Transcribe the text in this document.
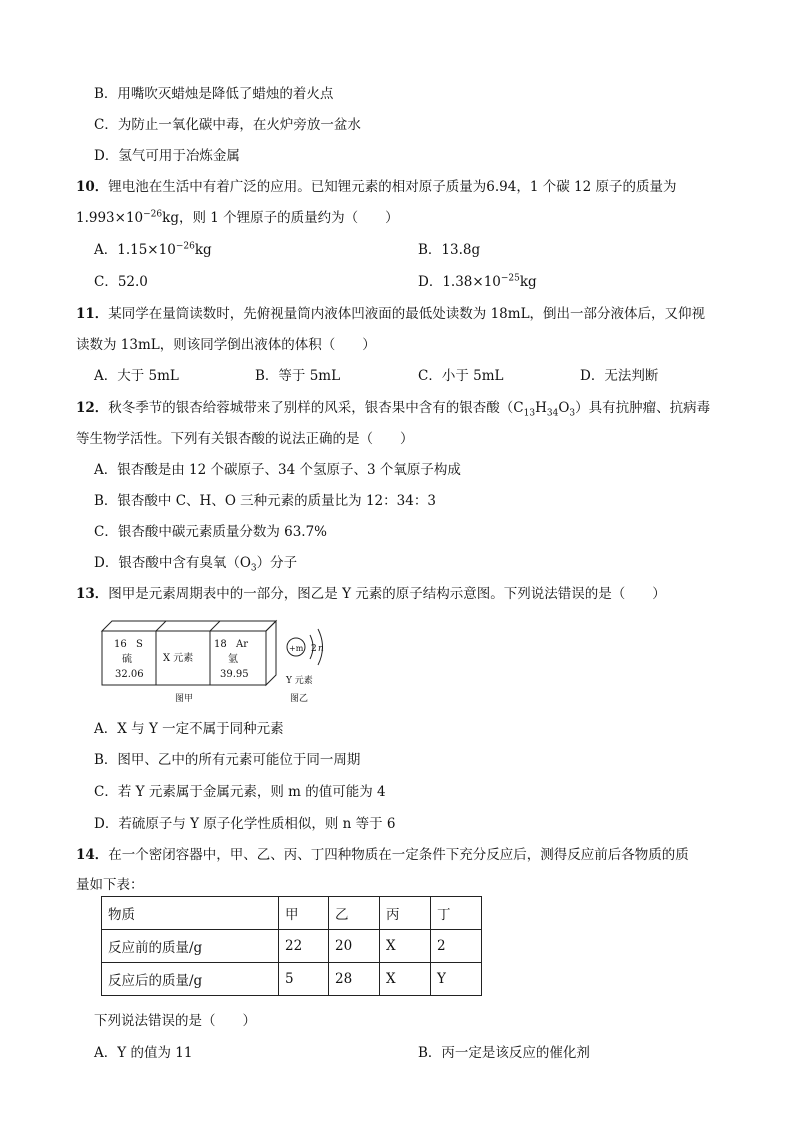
B．用嘴吹灭蜡烛是降低了蜡烛的着火点
C．为防止一氧化碳中毒，在火炉旁放一盆水
D．氢气可用于冶炼金属
10．锂电池在生活中有着广泛的应用。已知锂元素的相对原子质量为6.94，1 个碳 12 原子的质量为
$1.993\times 10^{-26}kg$，则 1 个锂原子的质量约为（　　）
A．$1.15\times 10^{-26}kg$	B．13.8g
C．52.0	D．$1.38\times 10^{-25}kg$
11．某同学在量筒读数时，先俯视量筒内液体凹液面的最低处读数为 18mL，倒出一部分液体后，又仰视
读数为 13mL，则该同学倒出液体的体积（　　）
A．大于 5mL	B．等于 5mL	C．小于 5mL	D．无法判断
12．秋冬季节的银杏给蓉城带来了别样的风采，银杏果中含有的银杏酸$(C_{13}H_{34}O_3)$具有抗肿瘤、抗病毒
等生物学活性。下列有关银杏酸的说法正确的是（　　）
A．银杏酸是由 12 个碳原子、34 个氢原子、3 个氧原子构成
B．银杏酸中 C、H、O 三种元素的质量比为 12：34：3
C．银杏酸中碳元素质量分数为 63.7%
D．银杏酸中含有臭氧$(O_3)$分子
13．图甲是元素周期表中的一部分，图乙是 Y 元素的原子结构示意图。下列说法错误的是（　　）
16 S
硫
32.06
X 元素
18 Ar
氩
39.95
图甲
+m 2 n
Y 元素
图乙
A．X 与 Y 一定不属于同种元素
B．图甲、乙中的所有元素可能位于同一周期
C．若 Y 元素属于金属元素，则 m 的值可能为 4
D．若硫原子与 Y 原子化学性质相似，则 n 等于 6
14．在一个密闭容器中，甲、乙、丙、丁四种物质在一定条件下充分反应后，测得反应前后各物质的质
量如下表：
物质	甲	乙	丙	丁
反应前的质量/g	22	20	X	2
反应后的质量/g	5	28	X	Y
下列说法错误的是（　　）
A．Y 的值为 11	B．丙一定是该反应的催化剂
